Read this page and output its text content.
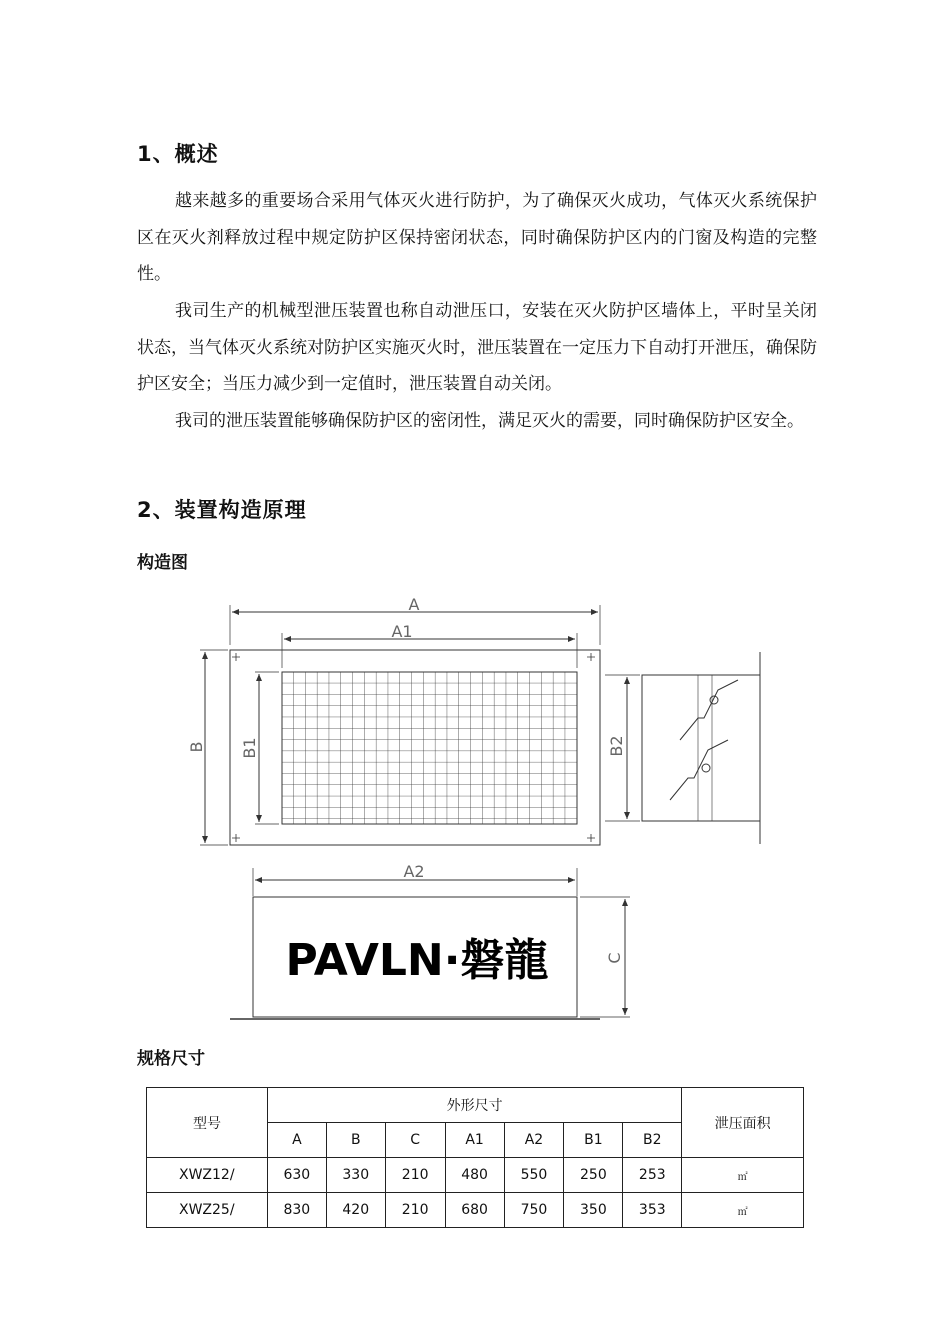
1、概述

越来越多的重要场合采用气体灭火进行防护，为了确保灭火成功，气体灭火系统保护区在灭火剂释放过程中规定防护区保持密闭状态，同时确保防护区内的门窗及构造的完整性。

我司生产的机械型泄压装置也称自动泄压口，安装在灭火防护区墙体上，平时呈关闭状态，当气体灭火系统对防护区实施灭火时，泄压装置在一定压力下自动打开泄压，确保防护区安全；当压力减少到一定值时，泄压装置自动关闭。

我司的泄压装置能够确保防护区的密闭性，满足灭火的需要，同时确保防护区安全。

2、装置构造原理
构造图
A
A1
A2
B B1	B2
C
PAVLN·磐龍
规格尺寸
型号	外形尺寸							泄压面积
	A	B	C	A1	A2	B1	B2	
XWZ12/	630	330	210	480	550	250	253	㎡
XWZ25/	830	420	210	680	750	350	353	㎡
